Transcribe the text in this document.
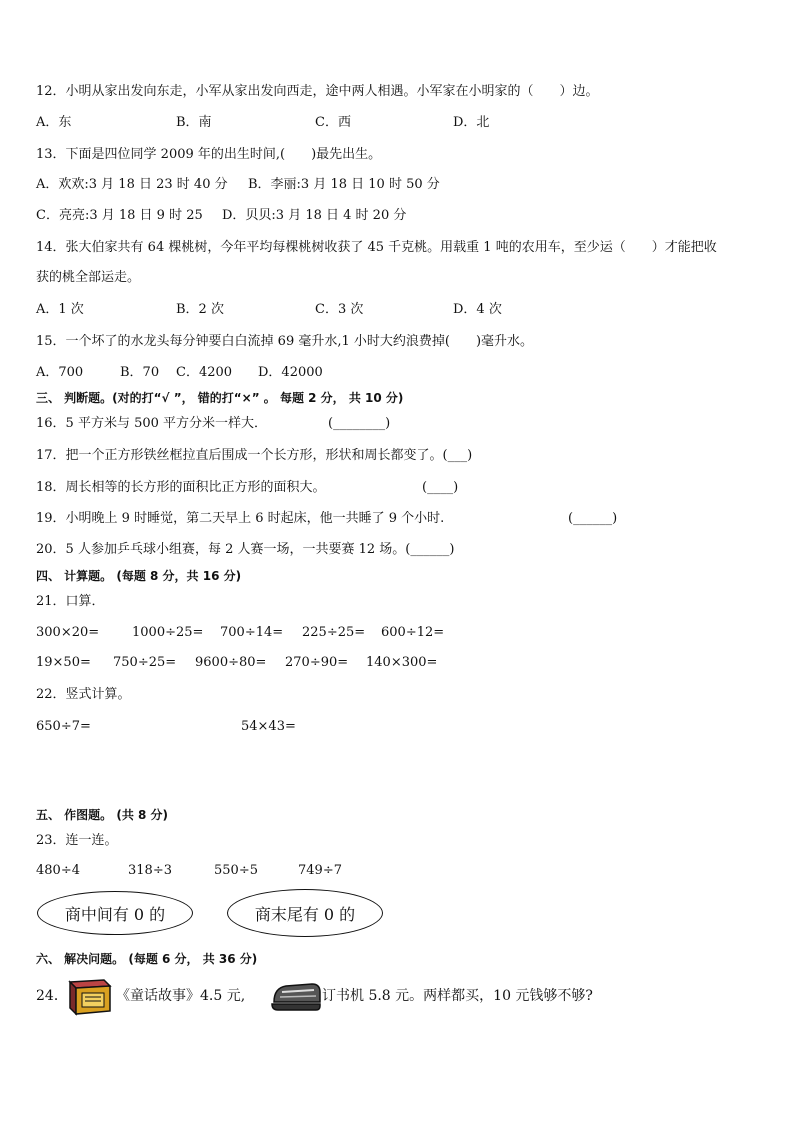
12．小明从家出发向东走，小军从家出发向西走，途中两人相遇。小军家在小明家的（　　）边。
A．东	B．南	C．西	D．北
13．下面是四位同学 2009 年的出生时间,(　　)最先出生。
A．欢欢:3 月 18 日 23 时 40 分 B．李丽:3 月 18 日 10 时 50 分
C．亮亮:3 月 18 日 9 时 25 D．贝贝:3 月 18 日 4 时 20 分
14．张大伯家共有 64 棵桃树，今年平均每棵桃树收获了 45 千克桃。用载重 1 吨的农用车，至少运（　　）才能把收
获的桃全部运走。
A．1 次	B．2 次	C．3 次	D．4 次
15．一个坏了的水龙头每分钟要白白流掉 69 毫升水,1 小时大约浪费掉(　　)毫升水。
A．700	B．70 C．4200 D．42000
三、 判断题。(对的打“√ ”， 错的打“×” 。 每题 2 分， 共 10 分)
16．5 平方米与 500 平方分米一样大．	(________)
17．把一个正方形铁丝框拉直后围成一个长方形，形状和周长都变了。(___)
18．周长相等的长方形的面积比正方形的面积大。	(____)
19．小明晚上 9 时睡觉，第二天早上 6 时起床，他一共睡了 9 个小时.	(______)
20．5 人参加乒乓球小组赛，每 2 人赛一场，一共要赛 12 场。(______)
四、 计算题。 (每题 8 分，共 16 分)
21．口算．
300×20=	1000÷25= 700÷14= 225÷25= 600÷12=
19×50= 750÷25= 9600÷80= 270÷90= 140×300=
22．竖式计算。
650÷7=	54×43=
五、 作图题。 (共 8 分)
23．连一连。
480÷4	318÷3	550÷5	749÷7
商中间有 0 的	商末尾有 0 的
六、 解决问题。 (每题 6 分， 共 36 分)
24．	《童话故事》4.5 元,	订书机 5.8 元。两样都买，10 元钱够不够?
